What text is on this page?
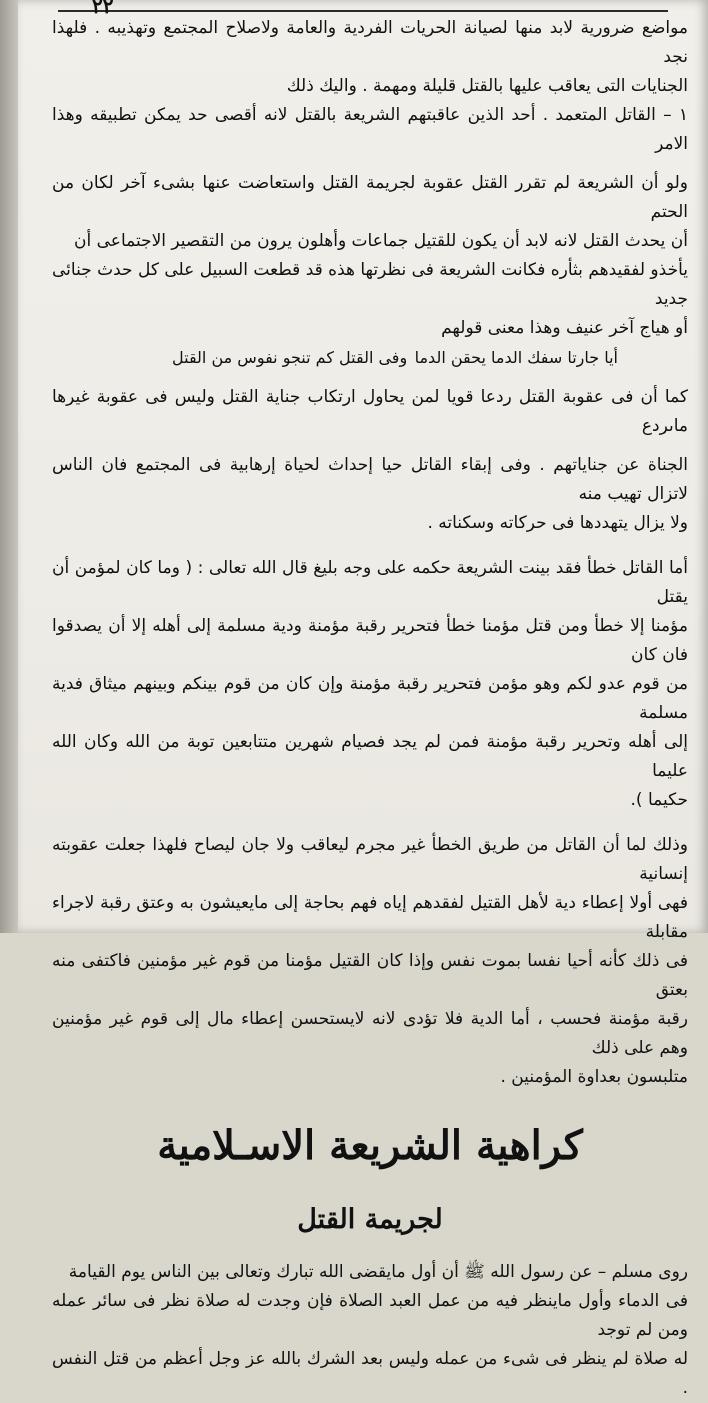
٢٢

مواضع ضرورية لابد منها لصيانة الحريات الفردية والعامة ولاصلاح المجتمع وتهذيبه . فلهذا نجد

الجنايات التى يعاقب عليها بالقتل قليلة ومهمة . واليك ذلك

١ – القاتل المتعمد . أحد الذين عاقبتهم الشريعة بالقتل لانه أقصى حد يمكن تطبيقه وهذا الامر

ولو أن الشريعة لم تقرر القتل عقوبة لجريمة القتل واستعاضت عنها بشىء آخر لكان من الحتم

أن يحدث القتل لانه لابد أن يكون للقتيل جماعات وأهلون يرون من التقصير الاجتماعى أن

يأخذو لفقيدهم بثأره فكانت الشريعة فى نظرتها هذه قد قطعت السبيل على كل حدث جنائى جديد

أو هياج آخر عنيف وهذا معنى قولهم

أيا جارتا سفك الدما يحقن الدما
وفى القتل كم تنجو نفوس من القتل

كما أن فى عقوبة القتل ردعا قويا لمن يحاول ارتكاب جناية القتل وليس فى عقوبة غيرها ماىردع

الجناة عن جناياتهم . وفى إبقاء القاتل حيا إحداث لحياة إرهابية فى المجتمع فان الناس لاتزال تهيب منه

ولا يزال يتهددها فى حركاته وسكناته .

أما القاتل خطأ فقد بينت الشريعة حكمه على وجه بليغ قال الله تعالى : ( وما كان لمؤمن أن يقتل

مؤمنا إلا خطأ ومن قتل مؤمنا خطأ فتحرير رقبة مؤمنة ودية مسلمة إلى أهله إلا أن يصدقوا فان كان

من قوم عدو لكم وهو مؤمن فتحرير رقبة مؤمنة وإن كان من قوم بينكم وبينهم ميثاق فدية مسلمة

إلى أهله وتحرير رقبة مؤمنة فمن لم يجد فصيام شهرين متتابعين توبة من الله وكان الله عليما

حكيما ).

وذلك لما أن القاتل من طريق الخطأ غير مجرم ليعاقب ولا جان ليصاح فلهذا جعلت عقوبته إنسانية

فهى أولا إعطاء دية لأهل القتيل لفقدهم إياه فهم بحاجة إلى مايعيشون به وعتق رقبة لاجراء مقابلة

فى ذلك كأنه أحيا نفسا بموت نفس وإذا كان القتيل مؤمنا من قوم غير مؤمنين فاكتفى منه بعتق

رقبة مؤمنة فحسب ، أما الدية فلا تؤدى لانه لايستحسن إعطاء مال إلى قوم غير مؤمنين وهم على ذلك

متلبسون بعداوة المؤمنين .

كراهية الشريعة الاسـلامية
لجريمة القتل

روى مسلم – عن رسول الله ﷺ أن أول مايقضى الله تبارك وتعالى بين الناس يوم القيامة

فى الدماء وأول ماينظر فيه من عمل العبد الصلاة فإن وجدت له صلاة نظر فى سائر عمله ومن لم توجد

له صلاة لم ينظر فى شىء من عمله وليس بعد الشرك بالله عز وجل أعظم من قتل النفس .
